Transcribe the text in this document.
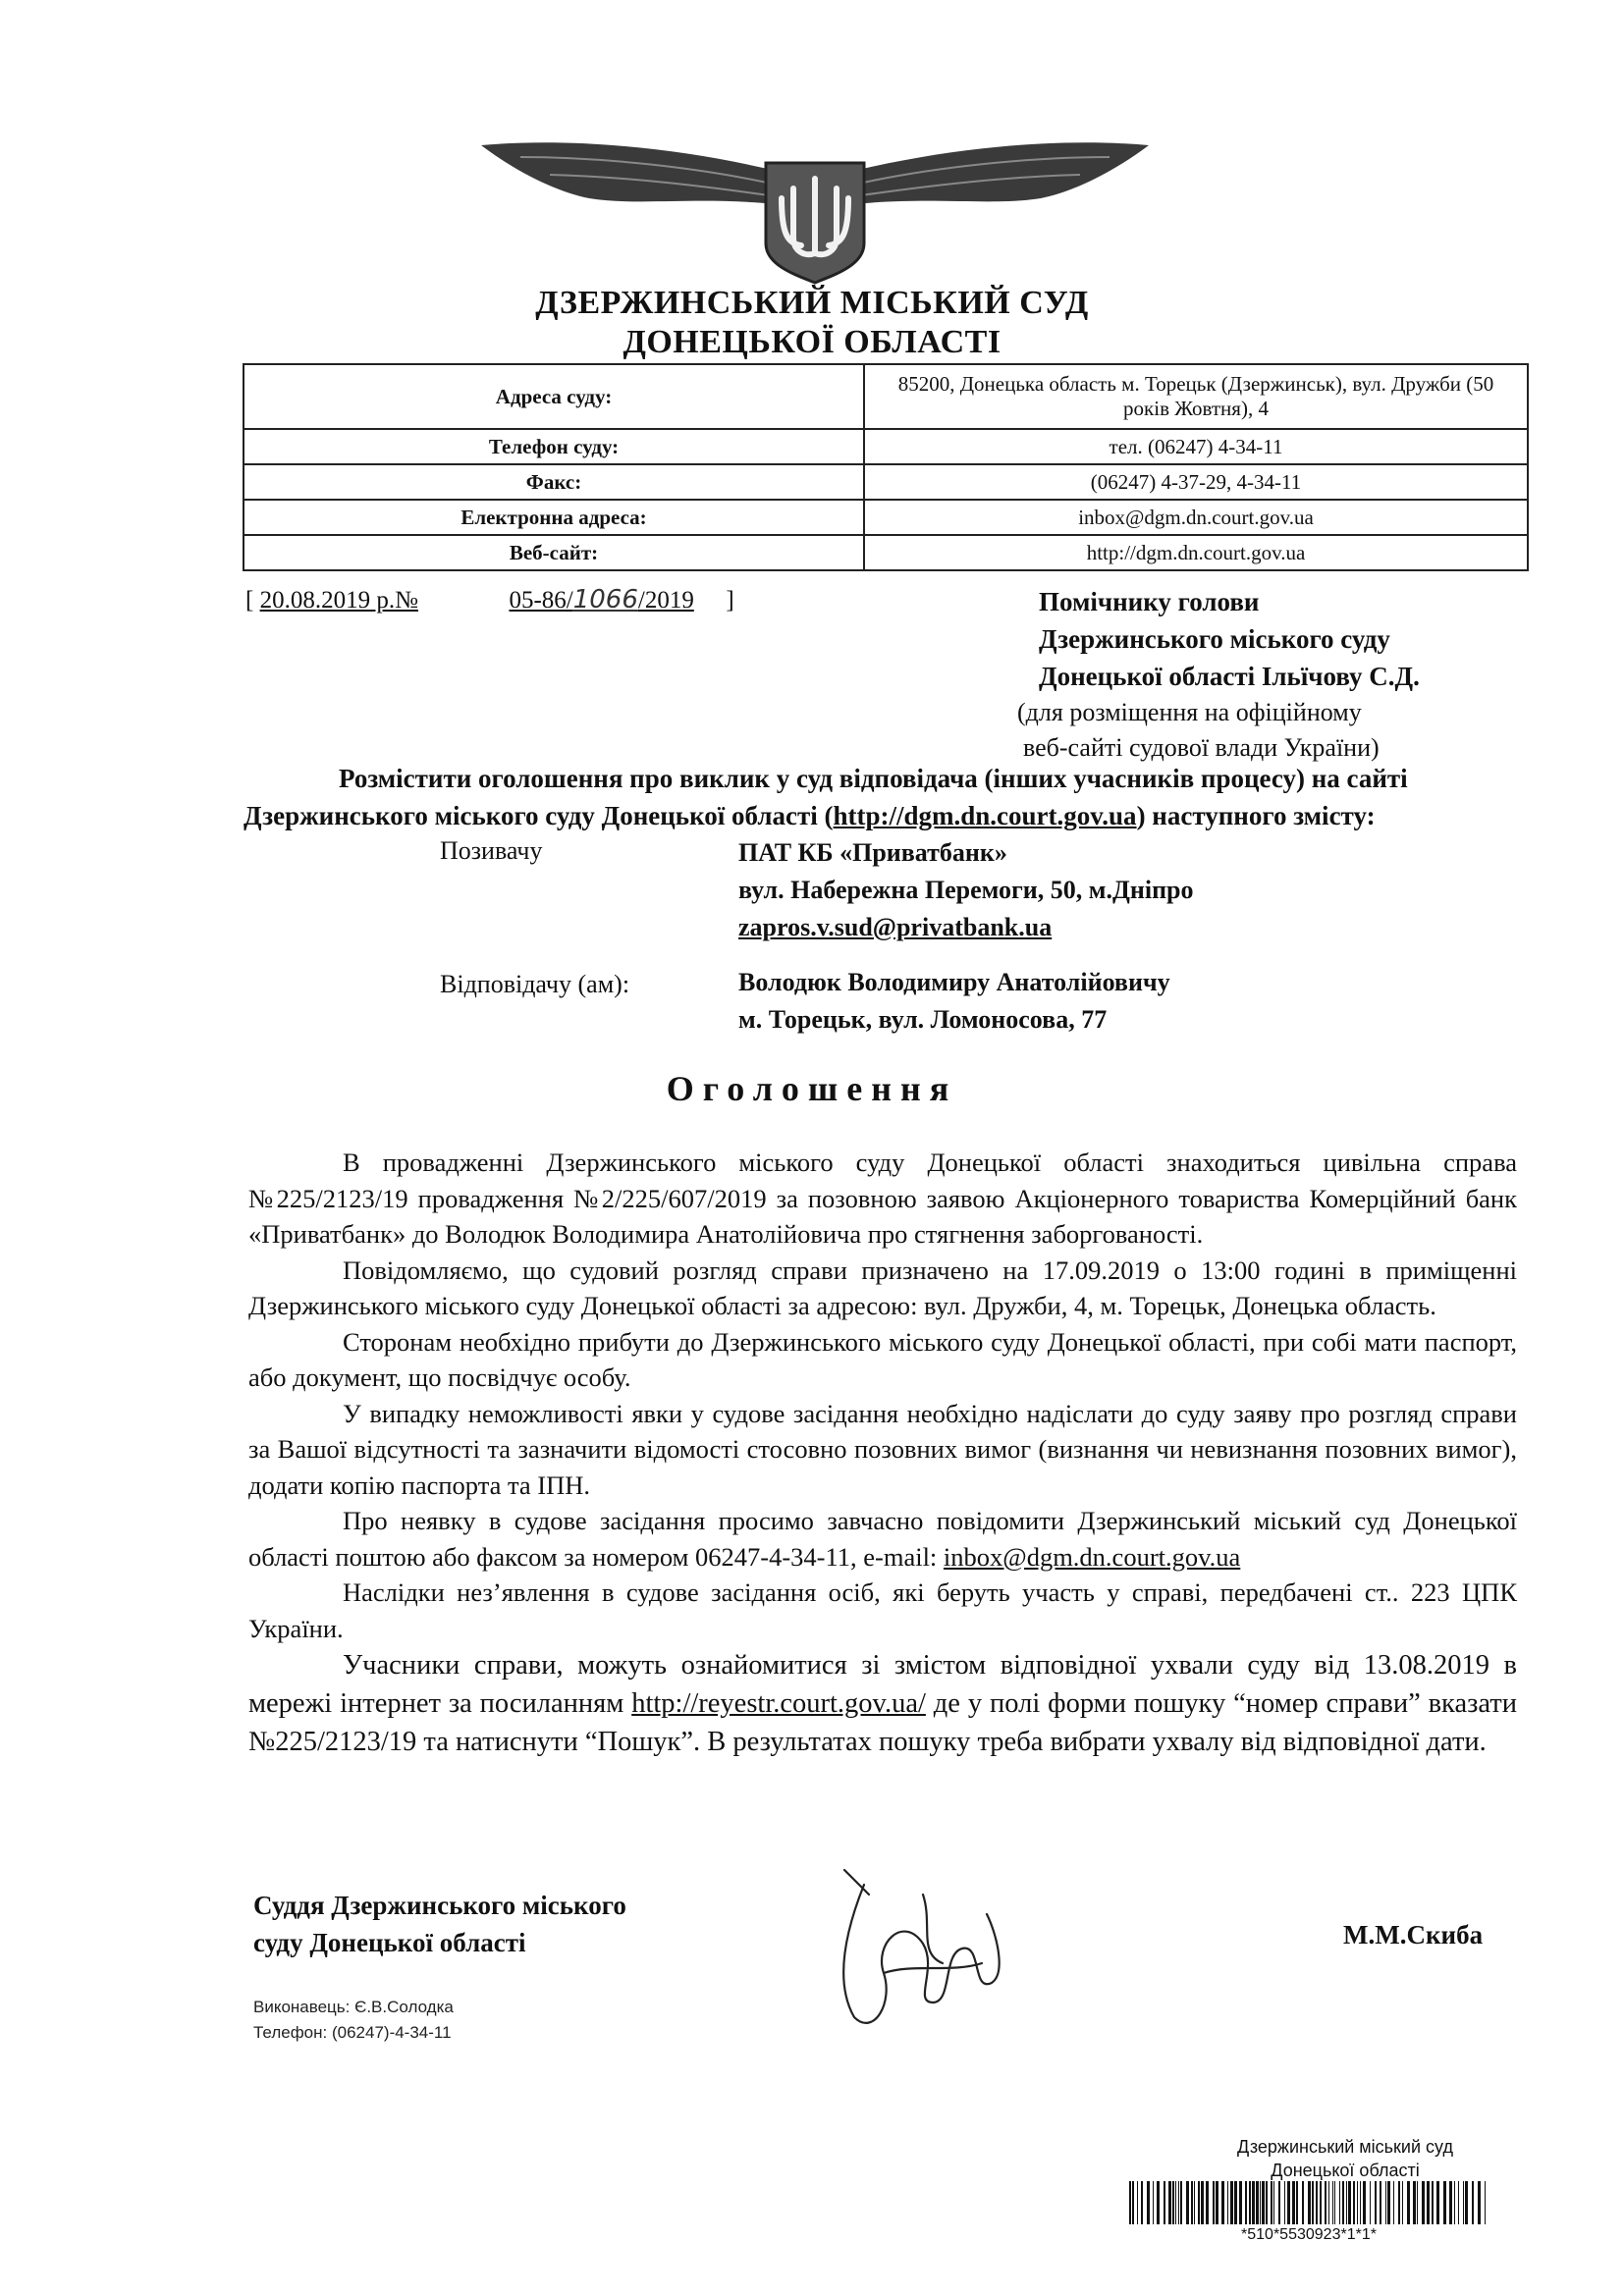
ДЗЕРЖИНСЬКИЙ МІСЬКИЙ СУД
ДОНЕЦЬКОЇ ОБЛАСТІ
Адреса суду:	85200, Донецька область м. Торецьк (Дзержинськ), вул. Дружби (50 років Жовтня), 4
Телефон суду:	тел. (06247) 4-34-11
Факс:	(06247) 4-37-29, 4-34-11
Електронна адреса:	inbox@dgm.dn.court.gov.ua
Веб-сайт:	http://dgm.dn.court.gov.ua
[ 20.08.2019 р.№	05-86/1066/2019 ]	Помічнику голови
Дзержинського міського суду
Донецької області Ільїчову С.Д.
(для розміщення на офіційному
веб-сайті судової влади України)
Розмістити оголошення про виклик у суд відповідача (інших учасників процесу) на сайті
Дзержинського міського суду Донецької області (http://dgm.dn.court.gov.ua) наступного змісту:
Позивачу	ПАТ КБ «Приватбанк»
вул. Набережна Перемоги, 50, м.Дніпро
zapros.v.sud@privatbank.ua
Відповідачу (ам):	Володюк Володимиру Анатолійовичу
м. Торецьк, вул. Ломоносова, 77
Оголошення

В провадженні Дзержинського міського суду Донецької області знаходиться цивільна справа №225/2123/19 провадження №2/225/607/2019 за позовною заявою Акціонерного товариства Комерційний банк «Приватбанк» до Володюк Володимира Анатолійовича про стягнення заборгованості.

Повідомляємо, що судовий розгляд справи призначено на 17.09.2019 о 13:00 годині в приміщенні Дзержинського міського суду Донецької області за адресою: вул. Дружби, 4, м. Торецьк, Донецька область.

Сторонам необхідно прибути до Дзержинського міського суду Донецької області, при собі мати паспорт, або документ, що посвідчує особу.

У випадку неможливості явки у судове засідання необхідно надіслати до суду заяву про розгляд справи за Вашої відсутності та зазначити відомості стосовно позовних вимог (визнання чи невизнання позовних вимог), додати копію паспорта та ІПН.

Про неявку в судове засідання просимо завчасно повідомити Дзержинський міський суд Донецької області поштою або факсом за номером 06247-4-34-11, e-mail: inbox@dgm.dn.court.gov.ua

Наслідки нез’явлення в судове засідання осіб, які беруть участь у справі, передбачені ст.. 223 ЦПК України.

Учасники справи, можуть ознайомитися зі змістом відповідної ухвали суду від 13.08.2019 в мережі інтернет за посиланням http://reyestr.court.gov.ua/ де у полі форми пошуку “номер справи” вказати №225/2123/19 та натиснути “Пошук”. В результатах пошуку треба вибрати ухвалу від відповідної дати.

Суддя Дзержинського міського
суду Донецької області	М.М.Скиба
Виконавець: Є.В.Солодка
Телефон: (06247)-4-34-11
Дзержинський міський суд
Донецької області
*510*5530923*1*1*
